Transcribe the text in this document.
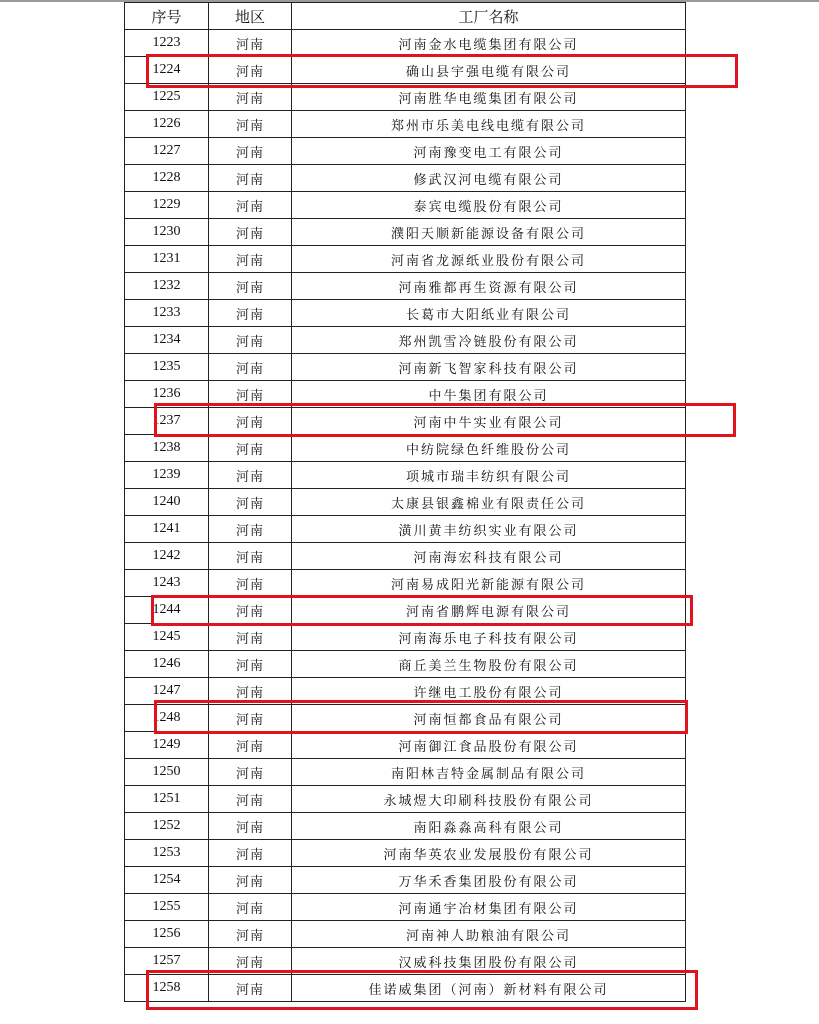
序号	地区	工厂名称
1223	河南	河南金水电缆集团有限公司
1224	河南	确山县宇强电缆有限公司
1225	河南	河南胜华电缆集团有限公司
1226	河南	郑州市乐美电线电缆有限公司
1227	河南	河南豫变电工有限公司
1228	河南	修武汉河电缆有限公司
1229	河南	泰宾电缆股份有限公司
1230	河南	濮阳天顺新能源设备有限公司
1231	河南	河南省龙源纸业股份有限公司
1232	河南	河南雅都再生资源有限公司
1233	河南	长葛市大阳纸业有限公司
1234	河南	郑州凯雪冷链股份有限公司
1235	河南	河南新飞智家科技有限公司
1236	河南	中牛集团有限公司
1237	河南	河南中牛实业有限公司
1238	河南	中纺院绿色纤维股份公司
1239	河南	项城市瑞丰纺织有限公司
1240	河南	太康县银鑫棉业有限责任公司
1241	河南	潢川黄丰纺织实业有限公司
1242	河南	河南海宏科技有限公司
1243	河南	河南易成阳光新能源有限公司
1244	河南	河南省鹏辉电源有限公司
1245	河南	河南海乐电子科技有限公司
1246	河南	商丘美兰生物股份有限公司
1247	河南	许继电工股份有限公司
1248	河南	河南恒都食品有限公司
1249	河南	河南御江食品股份有限公司
1250	河南	南阳林吉特金属制品有限公司
1251	河南	永城煜大印刷科技股份有限公司
1252	河南	南阳淼淼高科有限公司
1253	河南	河南华英农业发展股份有限公司
1254	河南	万华禾香集团股份有限公司
1255	河南	河南通宇冶材集团有限公司
1256	河南	河南神人助粮油有限公司
1257	河南	汉威科技集团股份有限公司
1258	河南	佳诺威集团（河南）新材料有限公司
